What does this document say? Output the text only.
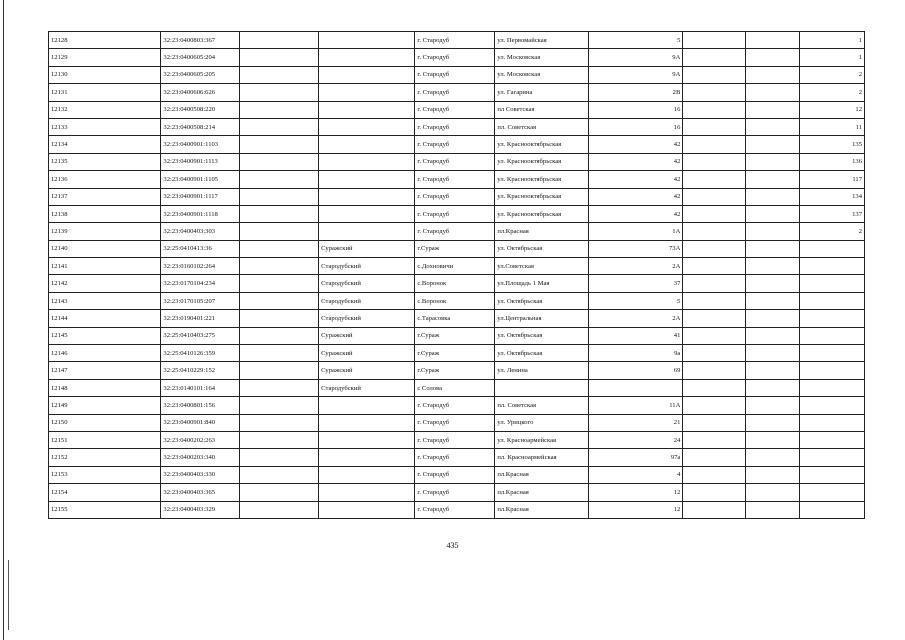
12128	32:23:0400803:367			г. Стародуб	ул. Первомайская	5			1
12129	32:23:0400605:204			г. Стародуб	ул. Московская	9А			1
12130	32:23:0400605:205			г. Стародуб	ул. Московская	9А			2
12131	32:23:0400606:626			г. Стародуб	ул. Гагарина	2В			2
12132	32:23:0400508:220			г. Стародуб	пл Советская	16			12
12133	32:23:0400508:214			г. Стародуб	пл. Советская	16			11
12134	32:23:0400901:1103			г. Стародуб	ул. Краснооктябрьская	42			135
12135	32:23:0400901:1113			г. Стародуб	ул. Краснооктябрьская	42			136
12136	32:23:0400901:1105			г. Стародуб	ул. Краснооктябрьская	42			117
12137	32:23:0400901:1117			г. Стародуб	ул. Краснооктябрьская	42			134
12138	32:23:0400901:1118			г. Стародуб	ул. Краснооктябрьская	42			137
12139	32:23:0400403:303			г. Стародуб	пл.Красная	1А			2
12140	32:25:0410413:36		Суражский	г.Сураж	ул. Октябрьская	73А			
12141	32:23:0160102:264		Стародубский	с.Дохновичи	ул.Советская	2А			
12142	32:23:0170104:234		Стародубский	с.Воронок	ул.Площадь 1 Мая	37			
12143	32:23:0170105:207		Стародубский	с.Воронок	ул. Октябрьская	5			
12144	32:23:0190401:221		Стародубский	с.Тарасовка	ул.Центральная	2А			
12145	32:25:0410403:275		Суражский	г.Сураж	ул. Октябрьская	41			
12146	32:25:0410126:359		Суражский	г.Сураж	ул. Октябрьская	9а			
12147	32:25:0410229:152		Суражский	г.Сураж	ул. Ленина	69			
12148	32:23:0140101:164		Стародубский	с Солова					
12149	32:23:0400801:156			г. Стародуб	пл. Советская	11А			
12150	32:23:0400901:840			г. Стародуб	ул. Урицкого	21			
12151	32:23:0400202:263			г. Стародуб	ул. Красноармейская	24			
12152	32:23:0400203:340			г. Стародуб	пл. Красноармейская	97а			
12153	32:23:0400403:330			г. Стародуб	пл.Красная	4			
12154	32:23:0400403:365			г. Стародуб	пл.Красная	12			
12155	32:23:0400403:329			г. Стародуб	пл.Красная	12			
435
